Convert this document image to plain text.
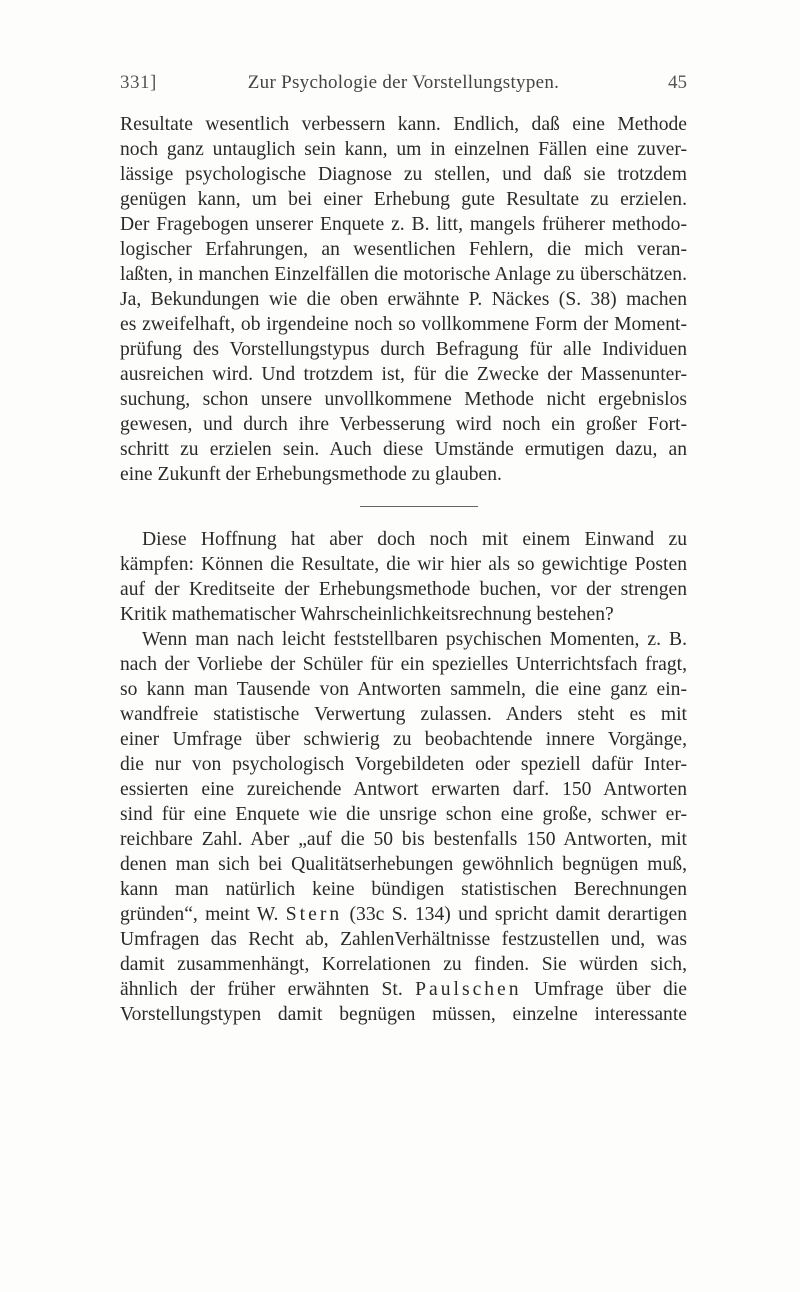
331]	Zur Psychologie der Vorstellungstypen.	45
Resultate wesentlich verbessern kann. Endlich, daß eine Methode
noch ganz untauglich sein kann, um in einzelnen Fällen eine zuver-
lässige psychologische Diagnose zu stellen, und daß sie trotzdem
genügen kann, um bei einer Erhebung gute Resultate zu erzielen.
Der Fragebogen unserer Enquete z. B. litt, mangels früherer methodo-
logischer Erfahrungen, an wesentlichen Fehlern, die mich veran-
laßten, in manchen Einzelfällen die motorische Anlage zu überschätzen.
Ja, Bekundungen wie die oben erwähnte P. Näckes (S. 38) machen
es zweifelhaft, ob irgendeine noch so vollkommene Form der Moment-
prüfung des Vorstellungstypus durch Befragung für alle Individuen
ausreichen wird. Und trotzdem ist, für die Zwecke der Massenunter-
suchung, schon unsere unvollkommene Methode nicht ergebnislos
gewesen, und durch ihre Verbesserung wird noch ein großer Fort-
schritt zu erzielen sein. Auch diese Umstände ermutigen dazu, an
eine Zukunft der Erhebungsmethode zu glauben.
Diese Hoffnung hat aber doch noch mit einem Einwand zu
kämpfen: Können die Resultate, die wir hier als so gewichtige Posten
auf der Kreditseite der Erhebungsmethode buchen, vor der strengen
Kritik mathematischer Wahrscheinlichkeitsrechnung bestehen?
Wenn man nach leicht feststellbaren psychischen Momenten, z. B.
nach der Vorliebe der Schüler für ein spezielles Unterrichtsfach fragt,
so kann man Tausende von Antworten sammeln, die eine ganz ein-
wandfreie statistische Verwertung zulassen. Anders steht es mit
einer Umfrage über schwierig zu beobachtende innere Vorgänge,
die nur von psychologisch Vorgebildeten oder speziell dafür Inter-
essierten eine zureichende Antwort erwarten darf. 150 Antworten
sind für eine Enquete wie die unsrige schon eine große, schwer er-
reichbare Zahl. Aber „auf die 50 bis bestenfalls 150 Antworten, mit
denen man sich bei Qualitätserhebungen gewöhnlich begnügen muß,
kann man natürlich keine bündigen statistischen Berechnungen
gründen“, meint W. Stern (33c S. 134) und spricht damit derartigen
Umfragen das Recht ab, ZahlenVerhältnisse festzustellen und, was
damit zusammenhängt, Korrelationen zu finden. Sie würden sich,
ähnlich der früher erwähnten St. Paulschen Umfrage über die
Vorstellungstypen damit begnügen müssen, einzelne interessante
